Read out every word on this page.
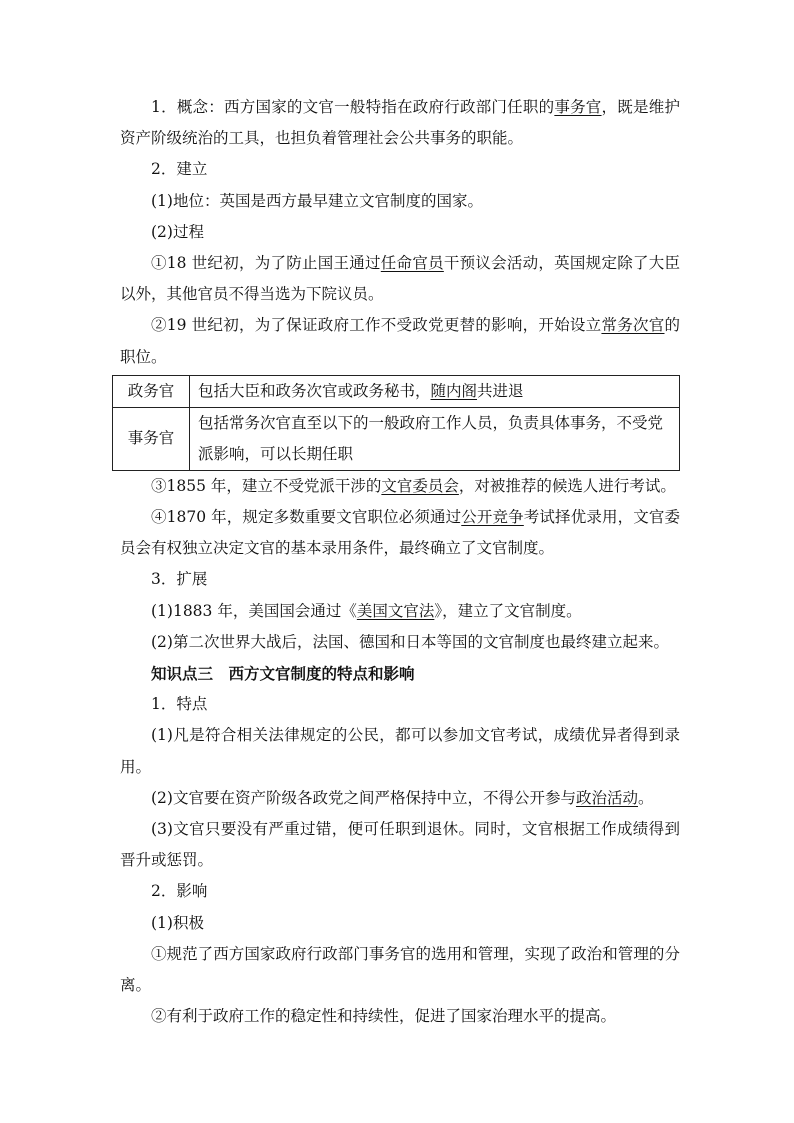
1．概念：西方国家的文官一般特指在政府行政部门任职的事务官，既是维护资产阶级统治的工具，也担负着管理社会公共事务的职能。

2．建立

(1)地位：英国是西方最早建立文官制度的国家。

(2)过程

①18 世纪初，为了防止国王通过任命官员干预议会活动，英国规定除了大臣以外，其他官员不得当选为下院议员。

②19 世纪初，为了保证政府工作不受政党更替的影响，开始设立常务次官的职位。

政务官	包括大臣和政务次官或政务秘书，随内阁共进退
事务官	包括常务次官直至以下的一般政府工作人员，负责具体事务，不受党派影响，可以长期任职

③1855 年，建立不受党派干涉的文官委员会，对被推荐的候选人进行考试。

④1870 年，规定多数重要文官职位必须通过公开竞争考试择优录用，文官委员会有权独立决定文官的基本录用条件，最终确立了文官制度。

3．扩展

(1)1883 年，美国国会通过《美国文官法》，建立了文官制度。

(2)第二次世界大战后，法国、德国和日本等国的文官制度也最终建立起来。

知识点三　西方文官制度的特点和影响

1．特点

(1)凡是符合相关法律规定的公民，都可以参加文官考试，成绩优异者得到录用。

(2)文官要在资产阶级各政党之间严格保持中立，不得公开参与政治活动。

(3)文官只要没有严重过错，便可任职到退休。同时，文官根据工作成绩得到晋升或惩罚。

2．影响

(1)积极

①规范了西方国家政府行政部门事务官的选用和管理，实现了政治和管理的分离。

②有利于政府工作的稳定性和持续性，促进了国家治理水平的提高。
